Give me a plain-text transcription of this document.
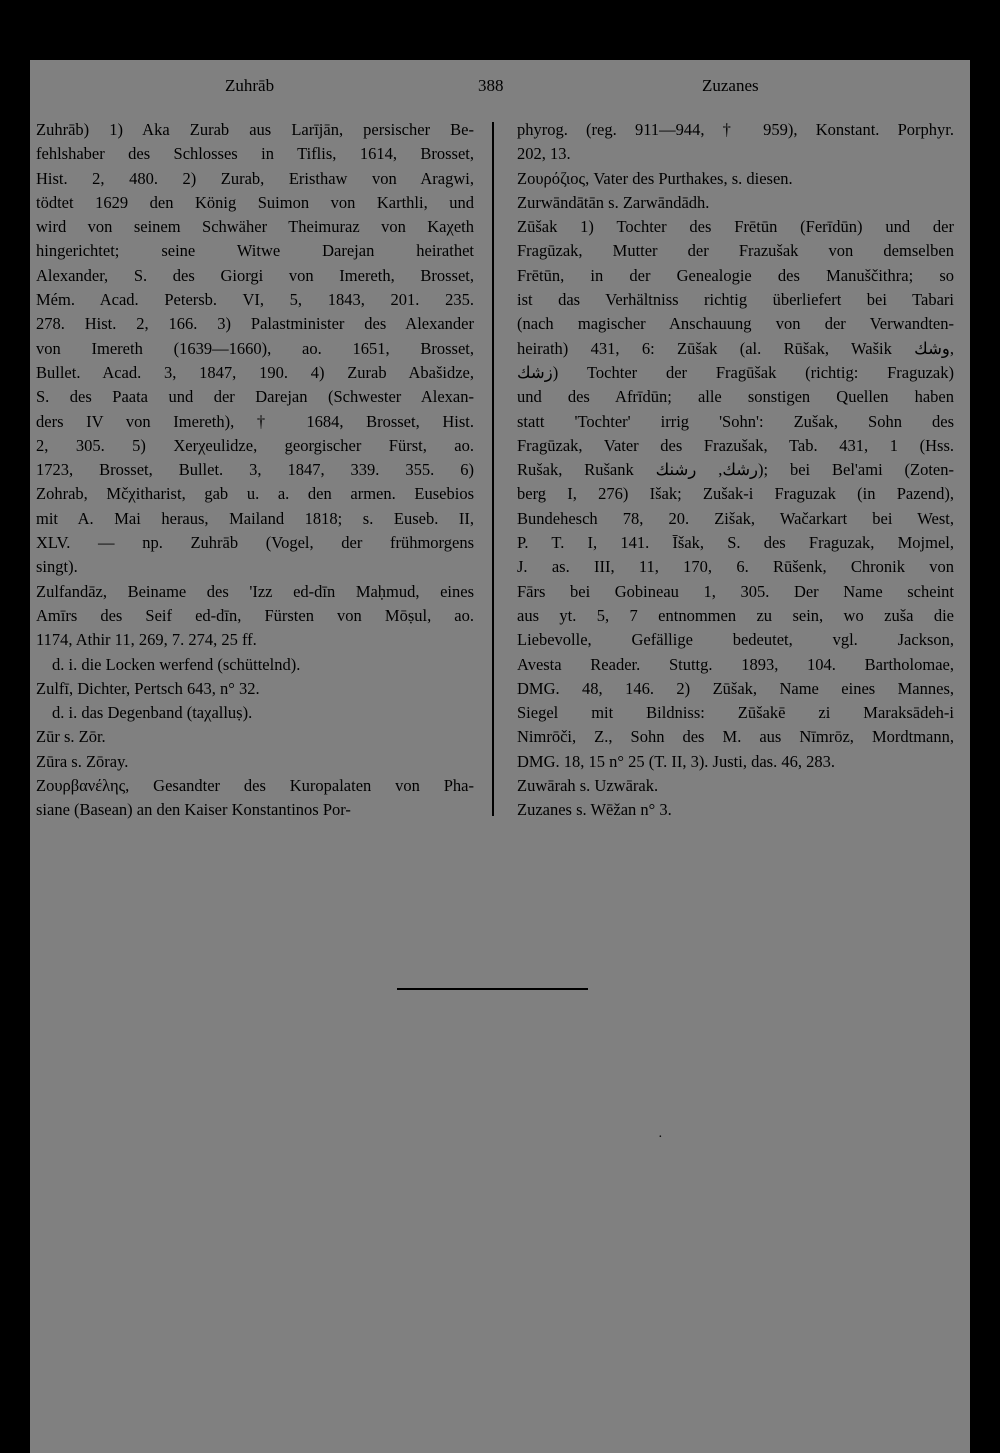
Zuhrāb	388	Zuzanes
Zuhrāb) 1) Aka Zurab aus Larījān, persischer Be-
fehlshaber des Schlosses in Tiflis, 1614, Brosset,
Hist. 2, 480. 2) Zurab, Eristhaw von Aragwi,
tödtet 1629 den König Suimon von Karthli, und
wird von seinem Schwäher Theimuraz von Kaχeth
hingerichtet; seine Witwe Darejan heirathet
Alexander, S. des Giorgi von Imereth, Brosset,
Mém. Acad. Petersb. VI, 5, 1843, 201. 235.
278. Hist. 2, 166. 3) Palastminister des Alexander
von Imereth (1639—1660), ao. 1651, Brosset,
Bullet. Acad. 3, 1847, 190. 4) Zurab Abašidze,
S. des Paata und der Darejan (Schwester Alexan-
ders IV von Imereth), † 1684, Brosset, Hist.
2, 305. 5) Xerχeulidze, georgischer Fürst, ao.
1723, Brosset, Bullet. 3, 1847, 339. 355. 6)
Zohrab, Mčχitharist, gab u. a. den armen. Eusebios
mit A. Mai heraus, Mailand 1818; s. Euseb. II,
XLV. — np. Zuhrāb (Vogel, der frühmorgens
singt).
Zulfandāz, Beiname des 'Izz ed-dīn Maḥmud, eines
Amīrs des Seif ed-dīn, Fürsten von Mōṣul, ao.
1174, Athir 11, 269, 7. 274, 25 ff.
d. i. die Locken werfend (schüttelnd).
Zulfī, Dichter, Pertsch 643, n° 32.
d. i. das Degenband (taχalluṣ).
Zūr s. Zōr.
Zūra s. Zōray.
Ζουρβανέλης, Gesandter des Kuropalaten von Pha-
siane (Basean) an den Kaiser Konstantinos Por-
phyrog. (reg. 911—944, † 959), Konstant. Porphyr.
202, 13.
Ζουρόζιος, Vater des Purthakes, s. diesen.
Zurwāndātān s. Zarwāndādh.
Zūšak 1) Tochter des Frētūn (Ferīdūn) und der
Fragūzak, Mutter der Frazušak von demselben
Frētūn, in der Genealogie des Manuščithra; so
ist das Verhältniss richtig überliefert bei Tabari
(nach magischer Anschauung von der Verwandten-
heirath) 431, 6: Zūšak (al. Rūšak, Wašik وشك,
زشك) Tochter der Fragūšak (richtig: Fraguzak)
und des Afrīdūn; alle sonstigen Quellen haben
statt 'Tochter' irrig 'Sohn': Zušak, Sohn des
Fragūzak, Vater des Frazušak, Tab. 431, 1 (Hss.
Rušak, Rušank رشك, رشنك); bei Bel'ami (Zoten-
berg I, 276) Išak; Zušak-i Fraguzak (in Pazend),
Bundehesch 78, 20. Zišak, Wačarkart bei West,
P. T. I, 141. Īšak, S. des Fraguzak, Mojmel,
J. as. III, 11, 170, 6. Rūšenk, Chronik von
Fārs bei Gobineau 1, 305. Der Name scheint
aus yt. 5, 7 entnommen zu sein, wo zuša die
Liebevolle, Gefällige bedeutet, vgl. Jackson,
Avesta Reader. Stuttg. 1893, 104. Bartholomae,
DMG. 48, 146. 2) Zūšak, Name eines Mannes,
Siegel mit Bildniss: Zūšakē zi Maraksādeh-i
Nimrōči, Z., Sohn des M. aus Nīmrōz, Mordtmann,
DMG. 18, 15 n° 25 (T. II, 3). Justi, das. 46, 283.
Zuwārah s. Uzwārak.
Zuzanes s. Wēžan n° 3.
·
